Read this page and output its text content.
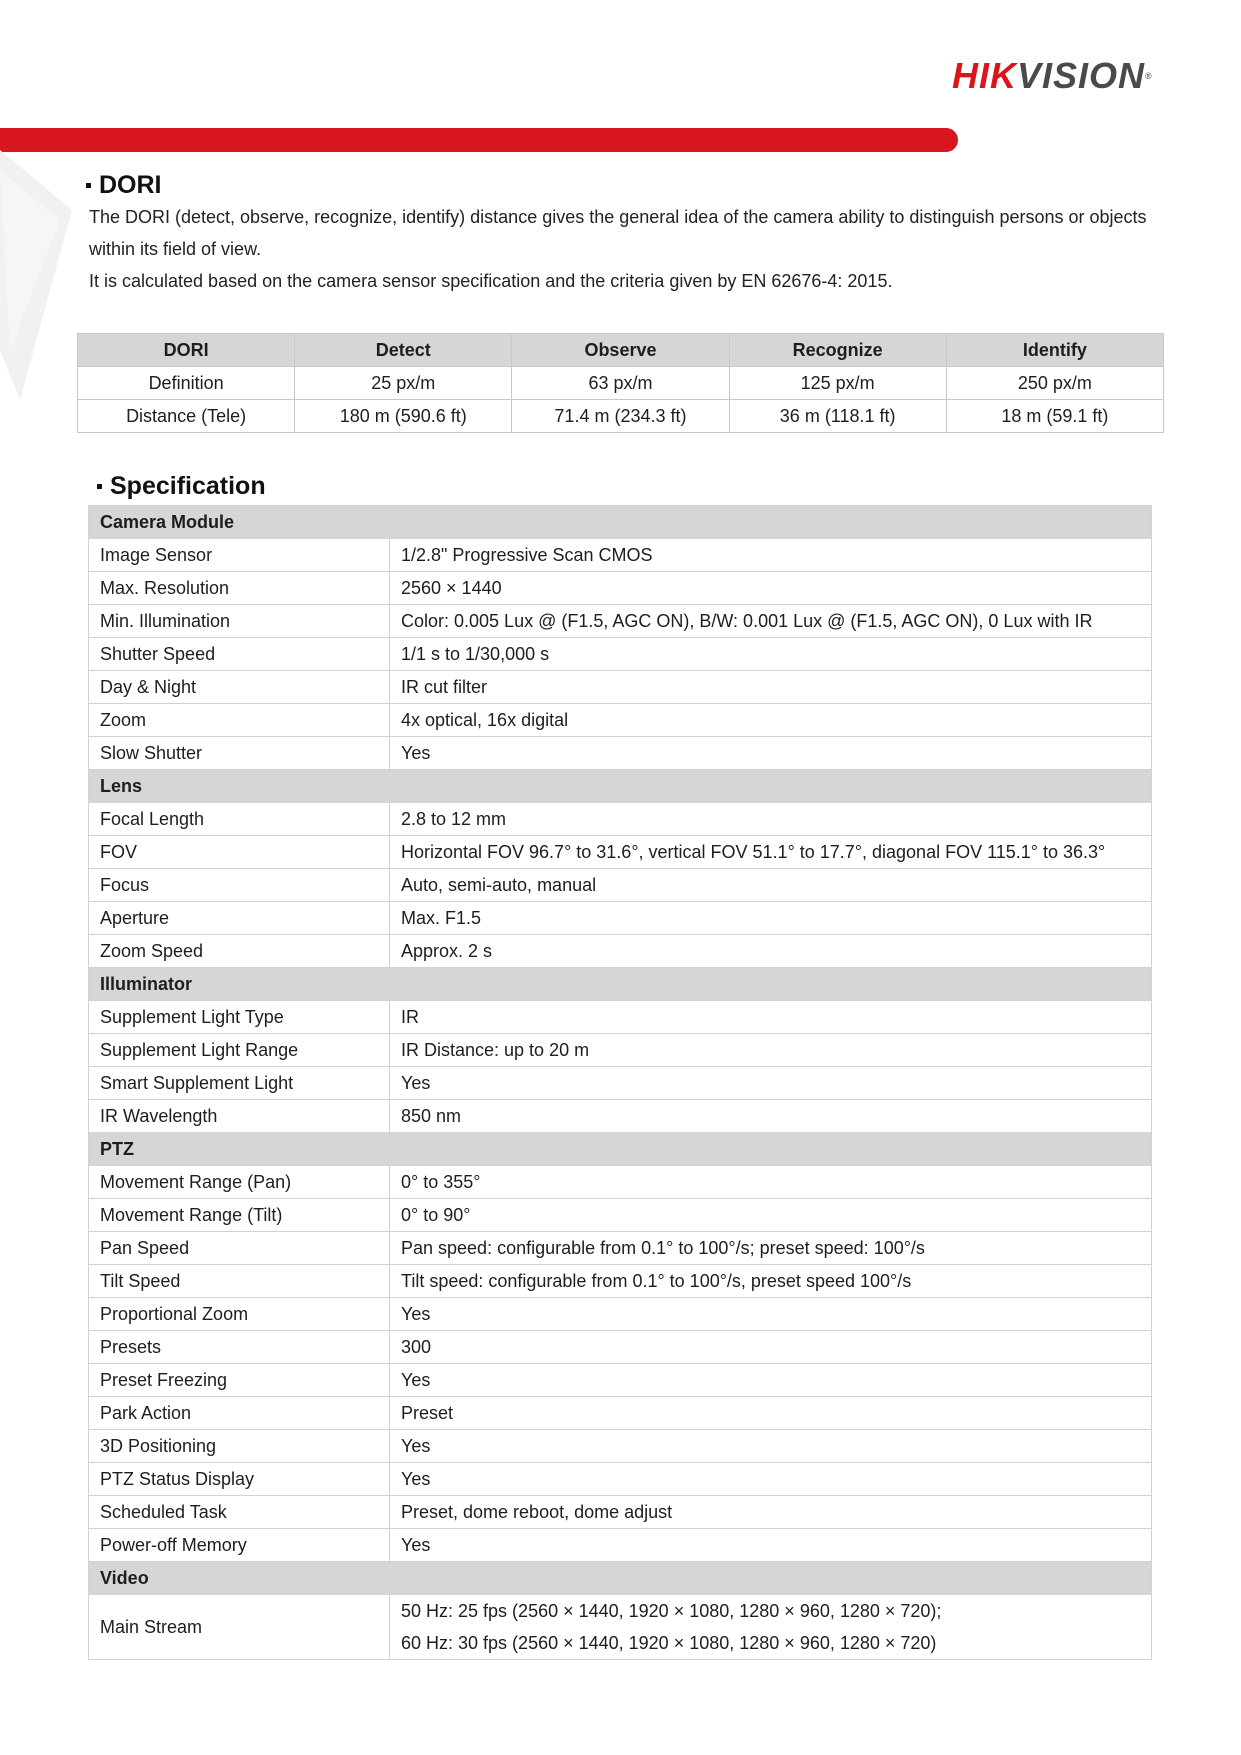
HIKVISION®
DORI

The DORI (detect, observe, recognize, identify) distance gives the general idea of the camera ability to distinguish persons or objects within its field of view.

It is calculated based on the camera sensor specification and the criteria given by EN 62676-4: 2015.

DORI	Detect	Observe	Recognize	Identify
Definition	25 px/m	63 px/m	125 px/m	250 px/m
Distance (Tele)	180 m (590.6 ft)	71.4 m (234.3 ft)	36 m (118.1 ft)	18 m (59.1 ft)
Specification
Camera Module	
Image Sensor	1/2.8" Progressive Scan CMOS
Max. Resolution	2560 × 1440
Min. Illumination	Color: 0.005 Lux @ (F1.5, AGC ON), B/W: 0.001 Lux @ (F1.5, AGC ON), 0 Lux with IR
Shutter Speed	1/1 s to 1/30,000 s
Day & Night	IR cut filter
Zoom	4x optical, 16x digital
Slow Shutter	Yes
Lens	
Focal Length	2.8 to 12 mm
FOV	Horizontal FOV 96.7° to 31.6°, vertical FOV 51.1° to 17.7°, diagonal FOV 115.1° to 36.3°
Focus	Auto, semi-auto, manual
Aperture	Max. F1.5
Zoom Speed	Approx. 2 s
Illuminator	
Supplement Light Type	IR
Supplement Light Range	IR Distance: up to 20 m
Smart Supplement Light	Yes
IR Wavelength	850 nm
PTZ	
Movement Range (Pan)	0° to 355°
Movement Range (Tilt)	0° to 90°
Pan Speed	Pan speed: configurable from 0.1° to 100°/s; preset speed: 100°/s
Tilt Speed	Tilt speed: configurable from 0.1° to 100°/s, preset speed 100°/s
Proportional Zoom	Yes
Presets	300
Preset Freezing	Yes
Park Action	Preset
3D Positioning	Yes
PTZ Status Display	Yes
Scheduled Task	Preset, dome reboot, dome adjust
Power-off Memory	Yes
Video	
Main Stream	50 Hz: 25 fps (2560 × 1440, 1920 × 1080, 1280 × 960, 1280 × 720);
60 Hz: 30 fps (2560 × 1440, 1920 × 1080, 1280 × 960, 1280 × 720)
